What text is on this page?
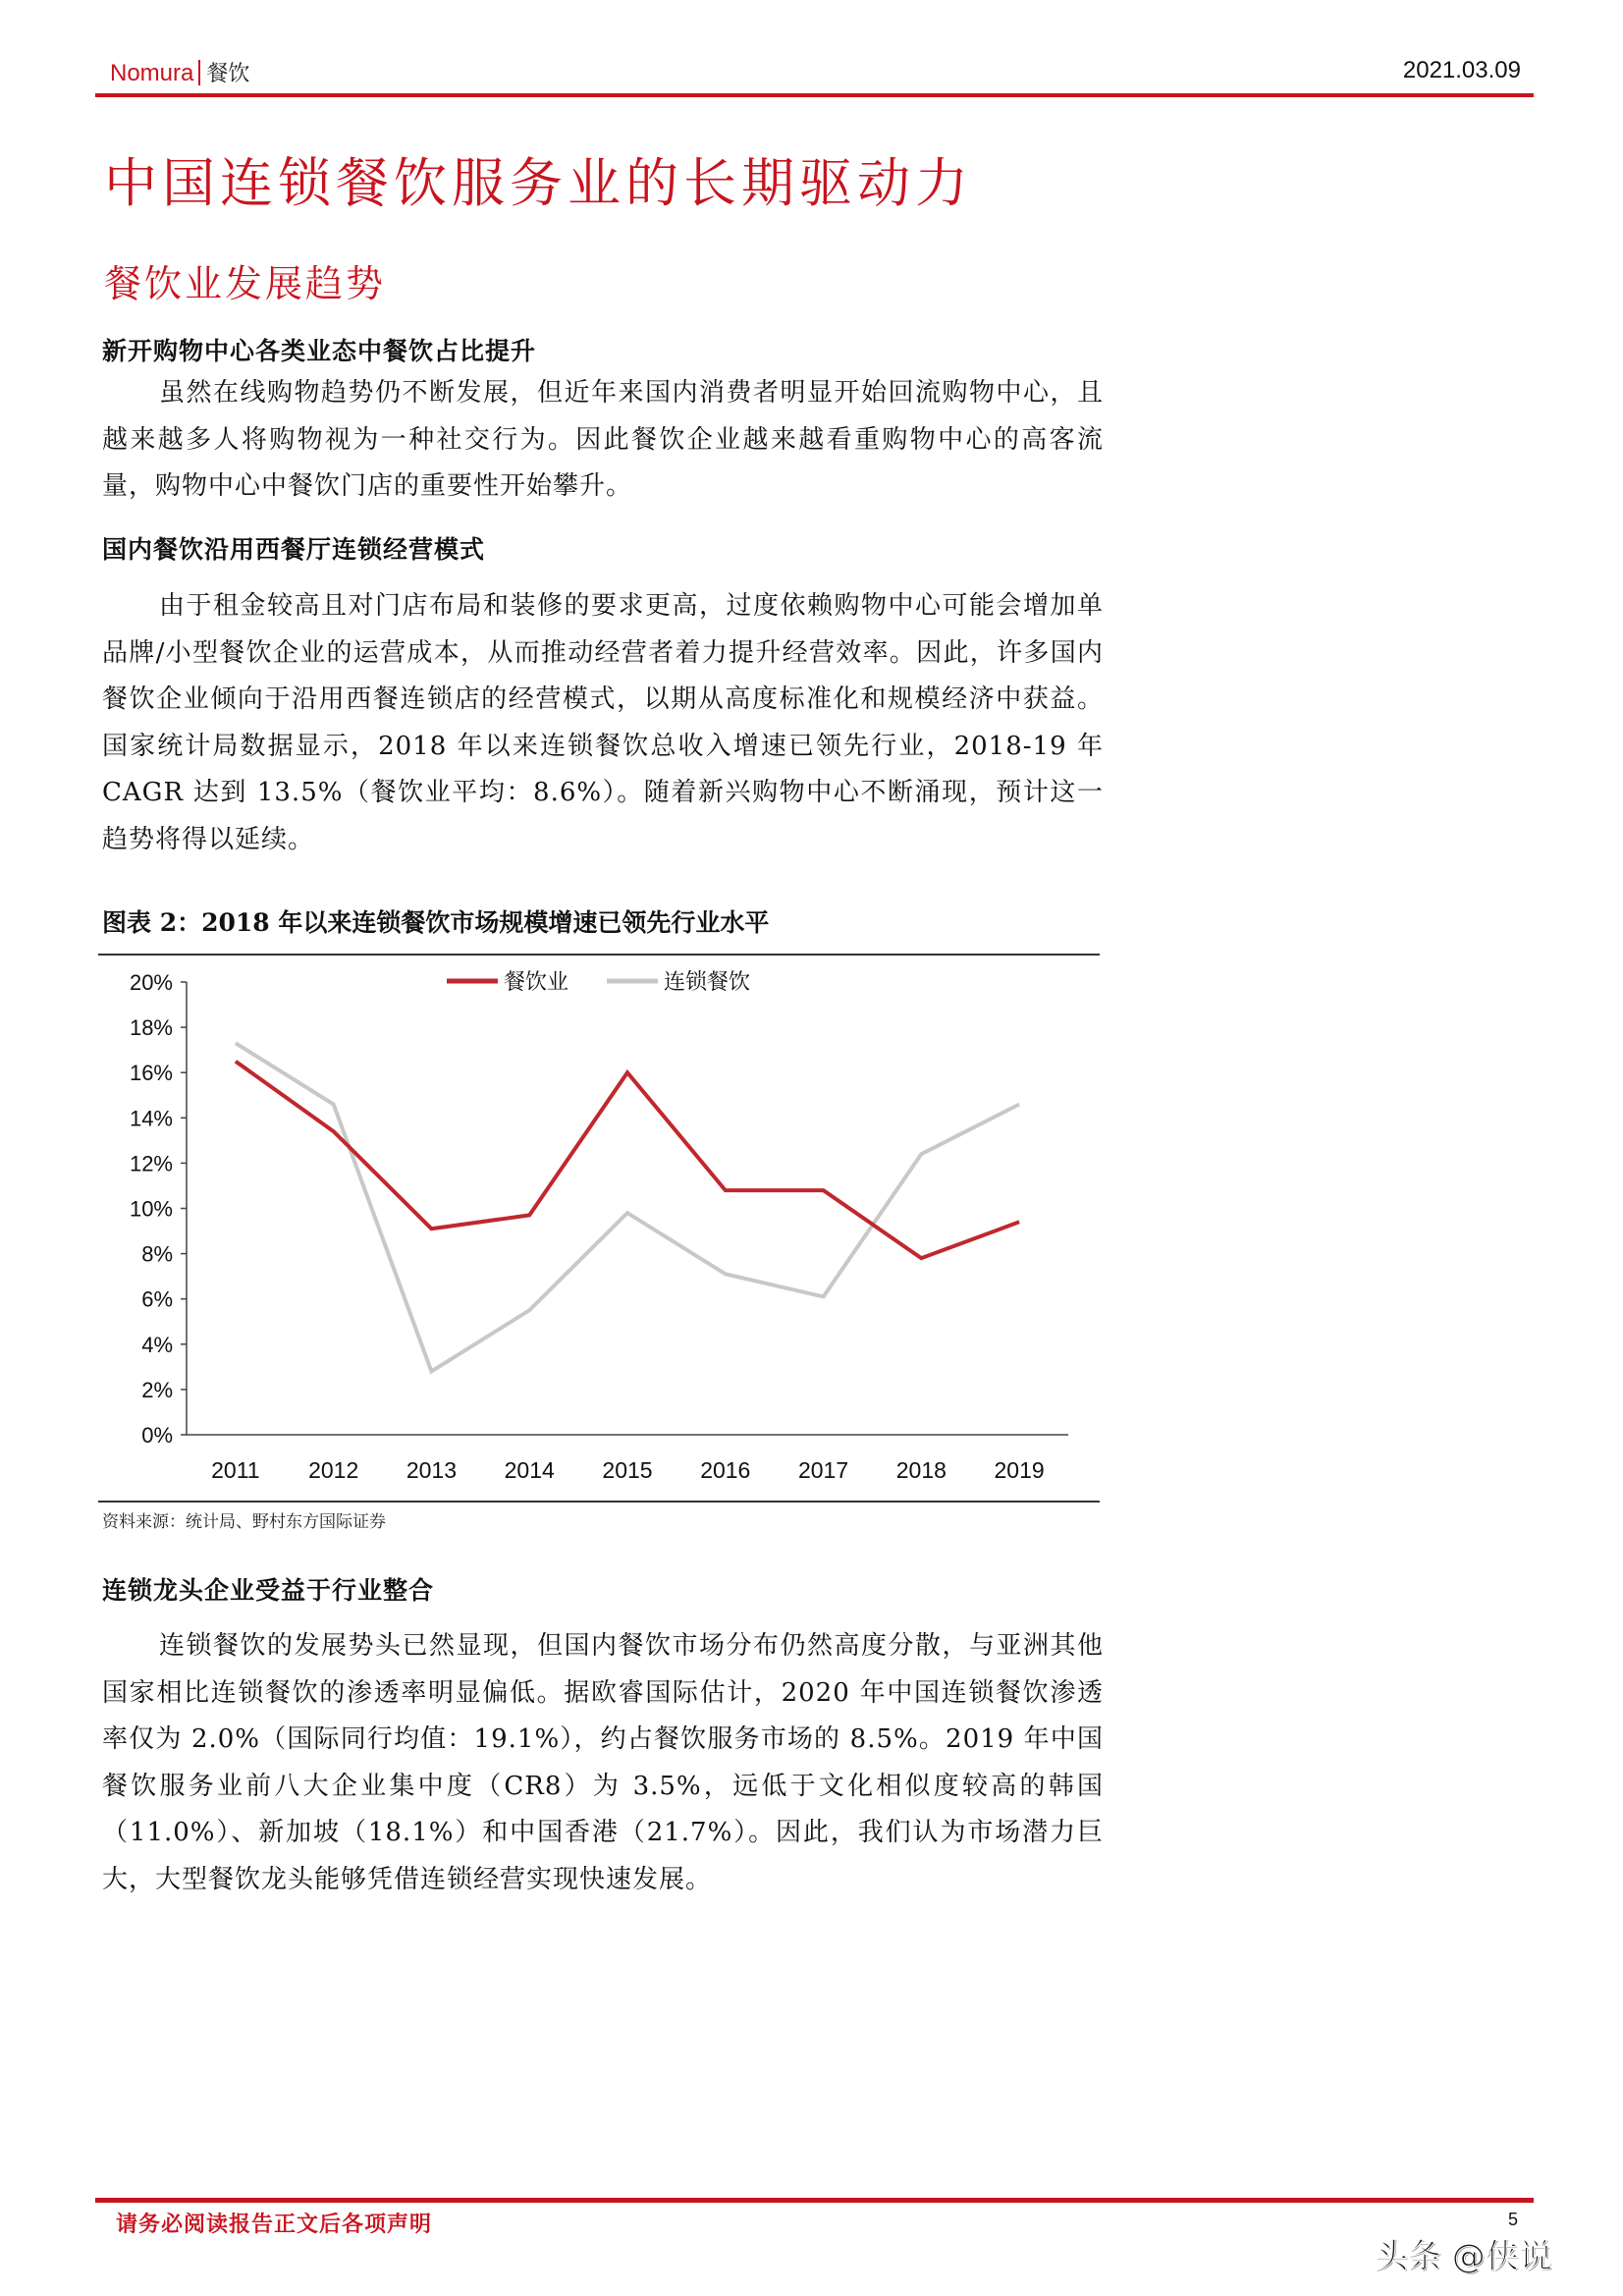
Nomura 餐饮	2021.03.09
中国连锁餐饮服务业的长期驱动力
餐饮业发展趋势
新开购物中心各类业态中餐饮占比提升
虽然在线购物趋势仍不断发展，但近年来国内消费者明显开始回流购物中心，且越来越多人将购物视为一种社交行为。因此餐饮企业越来越看重购物中心的高客流量，购物中心中餐饮门店的重要性开始攀升。
国内餐饮沿用西餐厅连锁经营模式
由于租金较高且对门店布局和装修的要求更高，过度依赖购物中心可能会增加单品牌/小型餐饮企业的运营成本，从而推动经营者着力提升经营效率。因此，许多国内餐饮企业倾向于沿用西餐连锁店的经营模式，以期从高度标准化和规模经济中获益。国家统计局数据显示，2018 年以来连锁餐饮总收入增速已领先行业，2018-19 年 CAGR 达到 13.5%（餐饮业平均：8.6%）。随着新兴购物中心不断涌现，预计这一趋势将得以延续。
图表 2：2018 年以来连锁餐饮市场规模增速已领先行业水平
0%
2%
4%
6%
8%
10%
12%
14%
16%
18%
20%
2011 2012 2013 2014 2015 2016 2017 2018 2019
餐饮业	连锁餐饮
资料来源：统计局、野村东方国际证券
连锁龙头企业受益于行业整合
连锁餐饮的发展势头已然显现，但国内餐饮市场分布仍然高度分散，与亚洲其他国家相比连锁餐饮的渗透率明显偏低。据欧睿国际估计，2020 年中国连锁餐饮渗透率仅为 2.0%（国际同行均值：19.1%），约占餐饮服务市场的 8.5%。2019 年中国餐饮服务业前八大企业集中度（CR8）为 3.5%，远低于文化相似度较高的韩国（11.0%）、新加坡（18.1%）和中国香港（21.7%）。因此，我们认为市场潜力巨大，大型餐饮龙头能够凭借连锁经营实现快速发展。
请务必阅读报告正文后各项声明	5
头条 @侠说
